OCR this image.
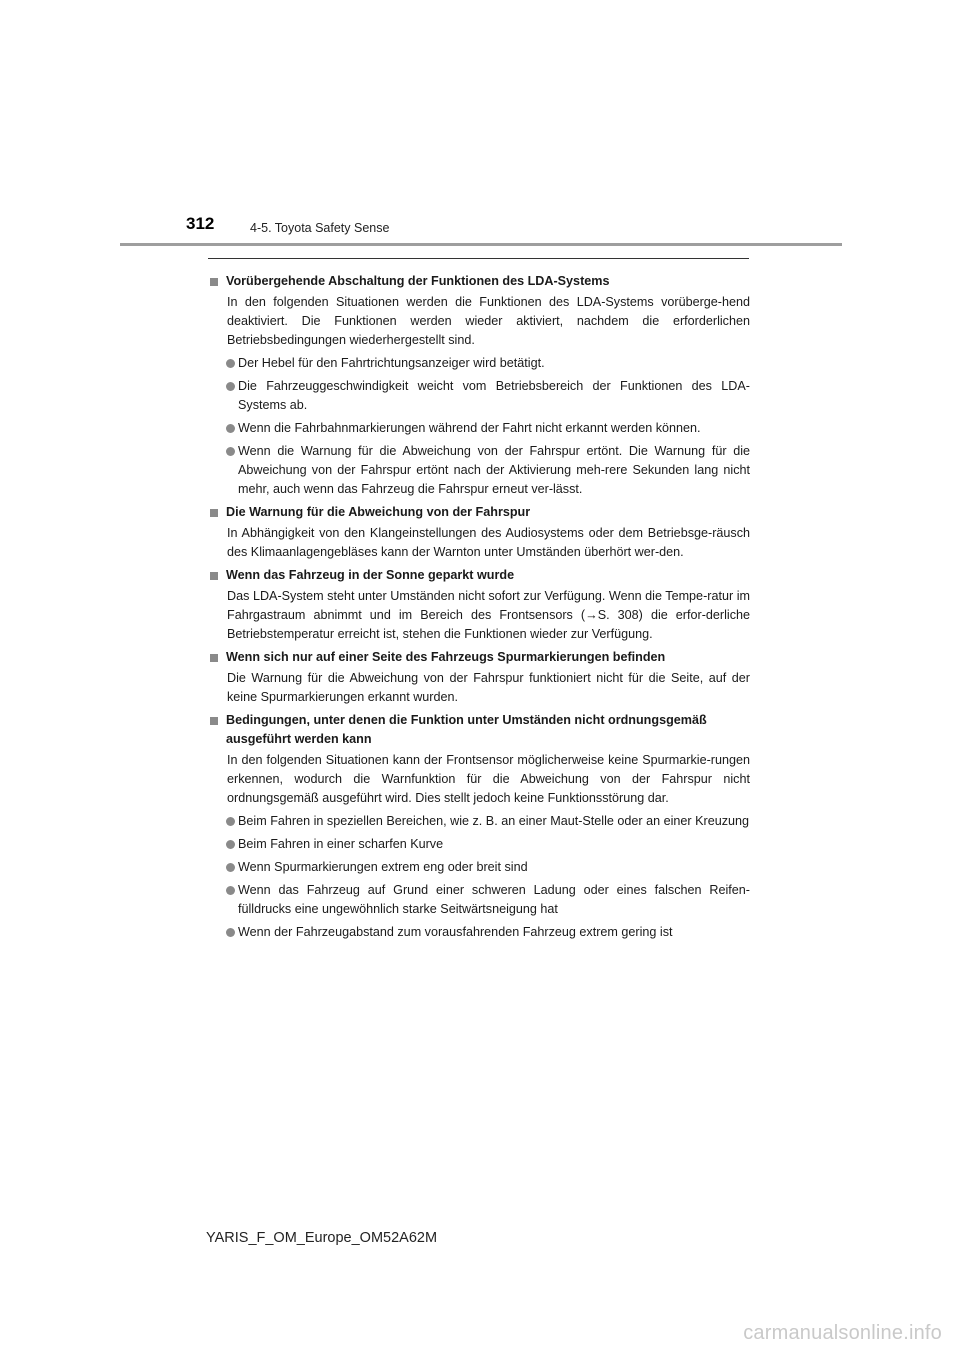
312	4-5. Toyota Safety Sense
Vorübergehende Abschaltung der Funktionen des LDA-Systems
In den folgenden Situationen werden die Funktionen des LDA-Systems vorüberge-hend deaktiviert. Die Funktionen werden wieder aktiviert, nachdem die erforderlichen Betriebsbedingungen wiederhergestellt sind.
Der Hebel für den Fahrtrichtungsanzeiger wird betätigt.
Die Fahrzeuggeschwindigkeit weicht vom Betriebsbereich der Funktionen des LDA-Systems ab.
Wenn die Fahrbahnmarkierungen während der Fahrt nicht erkannt werden können.
Wenn die Warnung für die Abweichung von der Fahrspur ertönt. Die Warnung für die Abweichung von der Fahrspur ertönt nach der Aktivierung meh-rere Sekunden lang nicht mehr, auch wenn das Fahrzeug die Fahrspur erneut ver-lässt.
Die Warnung für die Abweichung von der Fahrspur
In Abhängigkeit von den Klangeinstellungen des Audiosystems oder dem Betriebsge-räusch des Klimaanlagengebläses kann der Warnton unter Umständen überhört wer-den.
Wenn das Fahrzeug in der Sonne geparkt wurde
Das LDA-System steht unter Umständen nicht sofort zur Verfügung. Wenn die Tempe-ratur im Fahrgastraum abnimmt und im Bereich des Frontsensors (→S. 308) die erfor-derliche Betriebstemperatur erreicht ist, stehen die Funktionen wieder zur Verfügung.
Wenn sich nur auf einer Seite des Fahrzeugs Spurmarkierungen befinden
Die Warnung für die Abweichung von der Fahrspur funktioniert nicht für die Seite, auf der keine Spurmarkierungen erkannt wurden.
Bedingungen, unter denen die Funktion unter Umständen nicht ordnungsgemäß ausgeführt werden kann
In den folgenden Situationen kann der Frontsensor möglicherweise keine Spurmarkie-rungen erkennen, wodurch die Warnfunktion für die Abweichung von der Fahrspur nicht ordnungsgemäß ausgeführt wird. Dies stellt jedoch keine Funktionsstörung dar.
Beim Fahren in speziellen Bereichen, wie z. B. an einer Maut-Stelle oder an einer Kreuzung
Beim Fahren in einer scharfen Kurve
Wenn Spurmarkierungen extrem eng oder breit sind
Wenn das Fahrzeug auf Grund einer schweren Ladung oder eines falschen Reifen-fülldrucks eine ungewöhnlich starke Seitwärtsneigung hat
Wenn der Fahrzeugabstand zum vorausfahrenden Fahrzeug extrem gering ist
YARIS_F_OM_Europe_OM52A62M
carmanualsonline.info
